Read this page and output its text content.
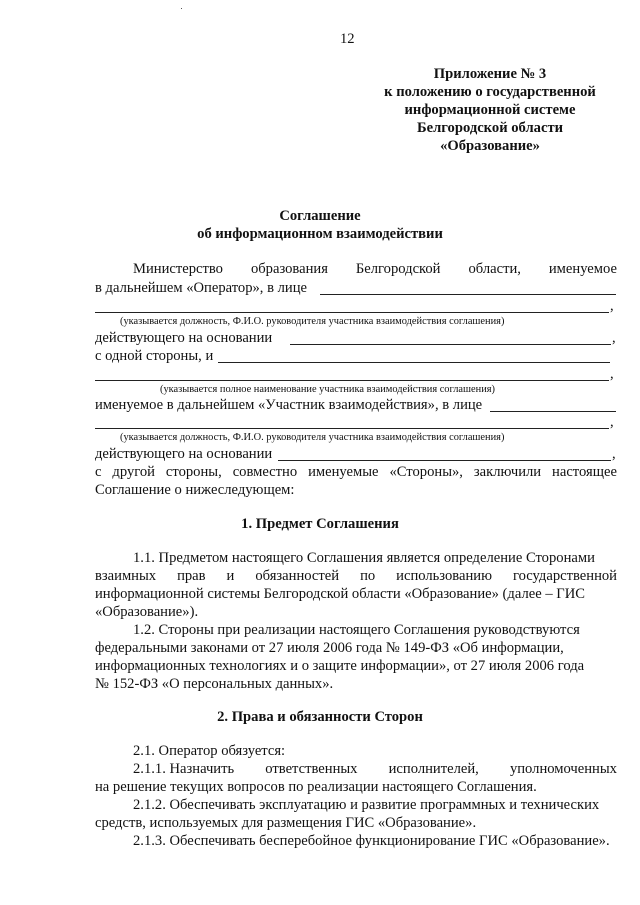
12
Приложение № 3
к положению о государственной
информационной системе
Белгородской области
«Образование»
Соглашение
об информационном взаимодействии
Министерство образования Белгородской области, именуемое
в дальнейшем «Оператор», в лице
,
(указывается должность, Ф.И.О. руководителя участника взаимодействия соглашения)
действующего на основании	,
с одной стороны, и
,
(указывается полное наименование участника взаимодействия соглашения)
именуемое в дальнейшем «Участник взаимодействия», в лице
,
(указывается должность, Ф.И.О. руководителя участника взаимодействия соглашения)
действующего на основании	,
с другой стороны, совместно именуемые «Стороны», заключили настоящее
Соглашение о нижеследующем:
1. Предмет Соглашения
1.1. Предметом настоящего Соглашения является определение Сторонами
взаимных прав и обязанностей по использованию государственной
информационной системы Белгородской области «Образование» (далее – ГИС
«Образование»).
1.2. Стороны при реализации настоящего Соглашения руководствуются
федеральными законами от 27 июля 2006 года № 149-ФЗ «Об информации,
информационных технологиях и о защите информации», от 27 июля 2006 года
№ 152-ФЗ «О персональных данных».
2. Права и обязанности Сторон
2.1. Оператор обязуется:
2.1.1. Назначить ответственных исполнителей, уполномоченных
на решение текущих вопросов по реализации настоящего Соглашения.
2.1.2. Обеспечивать эксплуатацию и развитие программных и технических
средств, используемых для размещения ГИС «Образование».
2.1.3. Обеспечивать бесперебойное функционирование ГИС «Образование».
